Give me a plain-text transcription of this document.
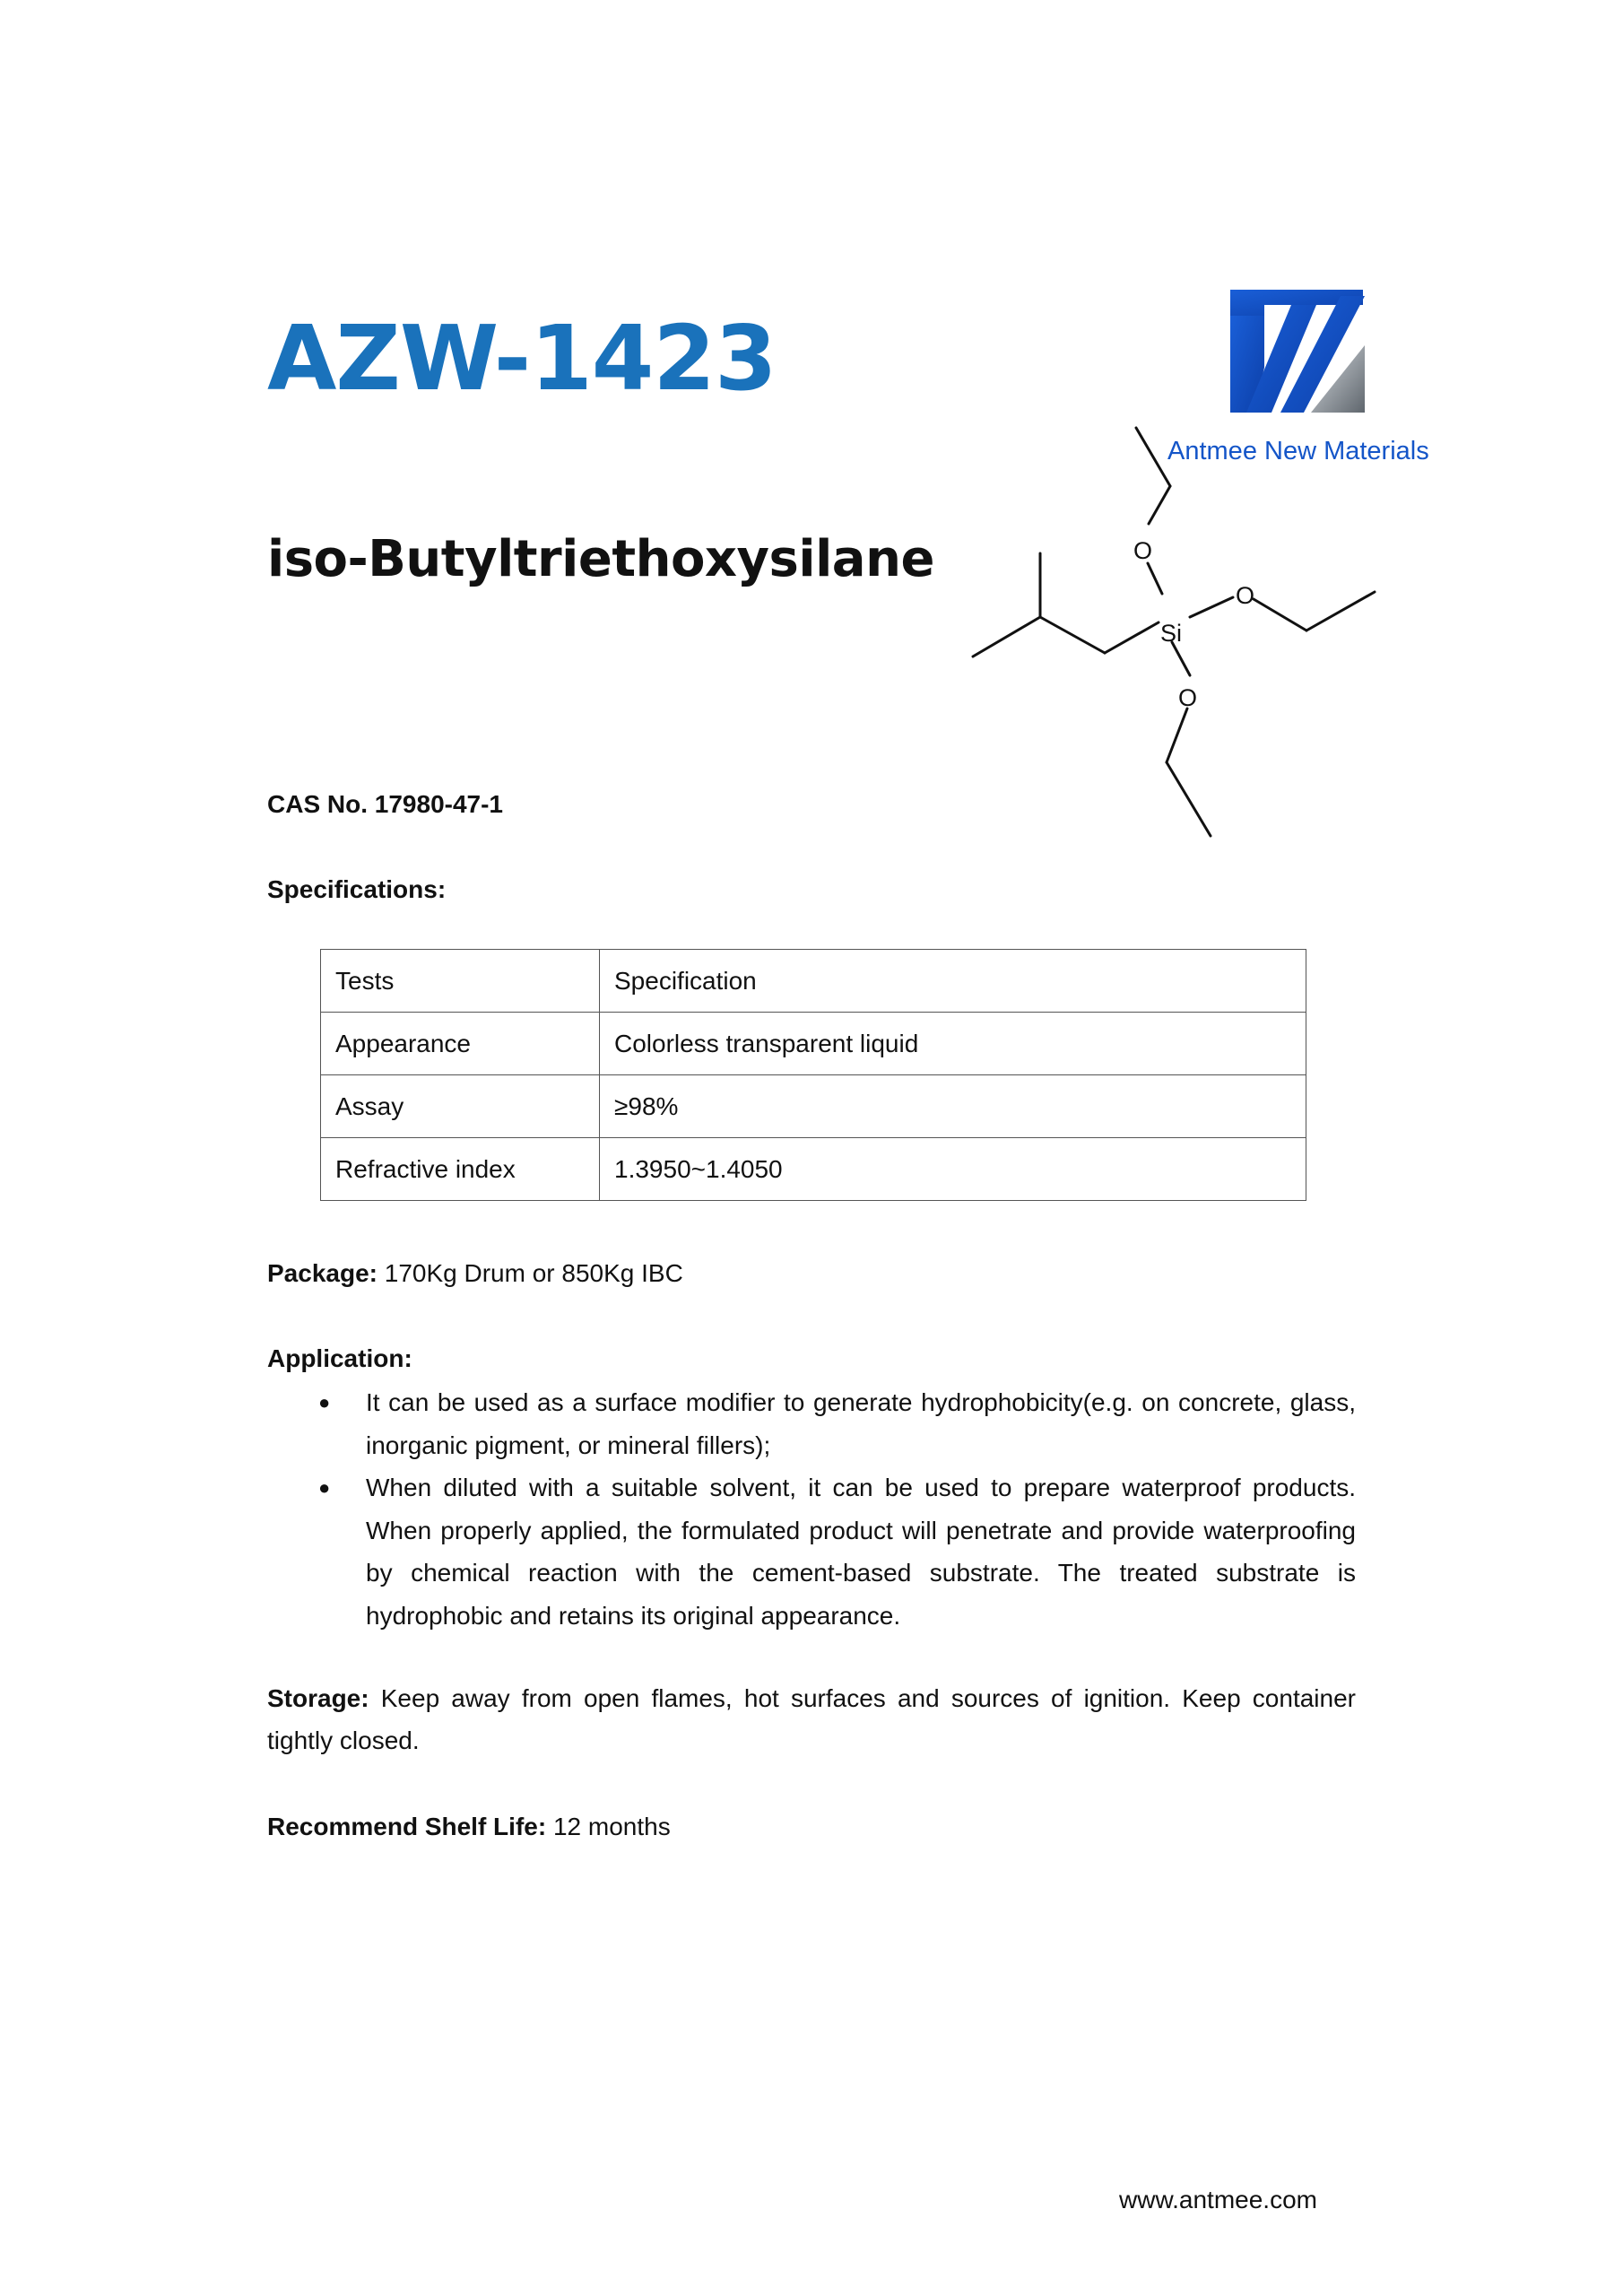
AZW-1423
iso-Butyltriethoxysilane
Antmee New Materials
O
O
Si
O
CAS No. 17980-47-1
Specifications:
Tests	Specification
Appearance	Colorless transparent liquid
Assay	≥98%
Refractive index	1.3950~1.4050
Package: 170Kg Drum or 850Kg IBC
Application:
● It can be used as a surface modifier to generate hydrophobicity(e.g. on concrete, glass, inorganic pigment, or mineral fillers);
● When diluted with a suitable solvent, it can be used to prepare waterproof products. When properly applied, the formulated product will penetrate and provide waterproofing by chemical reaction with the cement-based substrate. The treated substrate is hydrophobic and retains its original appearance.
Storage: Keep away from open flames, hot surfaces and sources of ignition. Keep container tightly closed.
Recommend Shelf Life: 12 months
www.antmee.com
